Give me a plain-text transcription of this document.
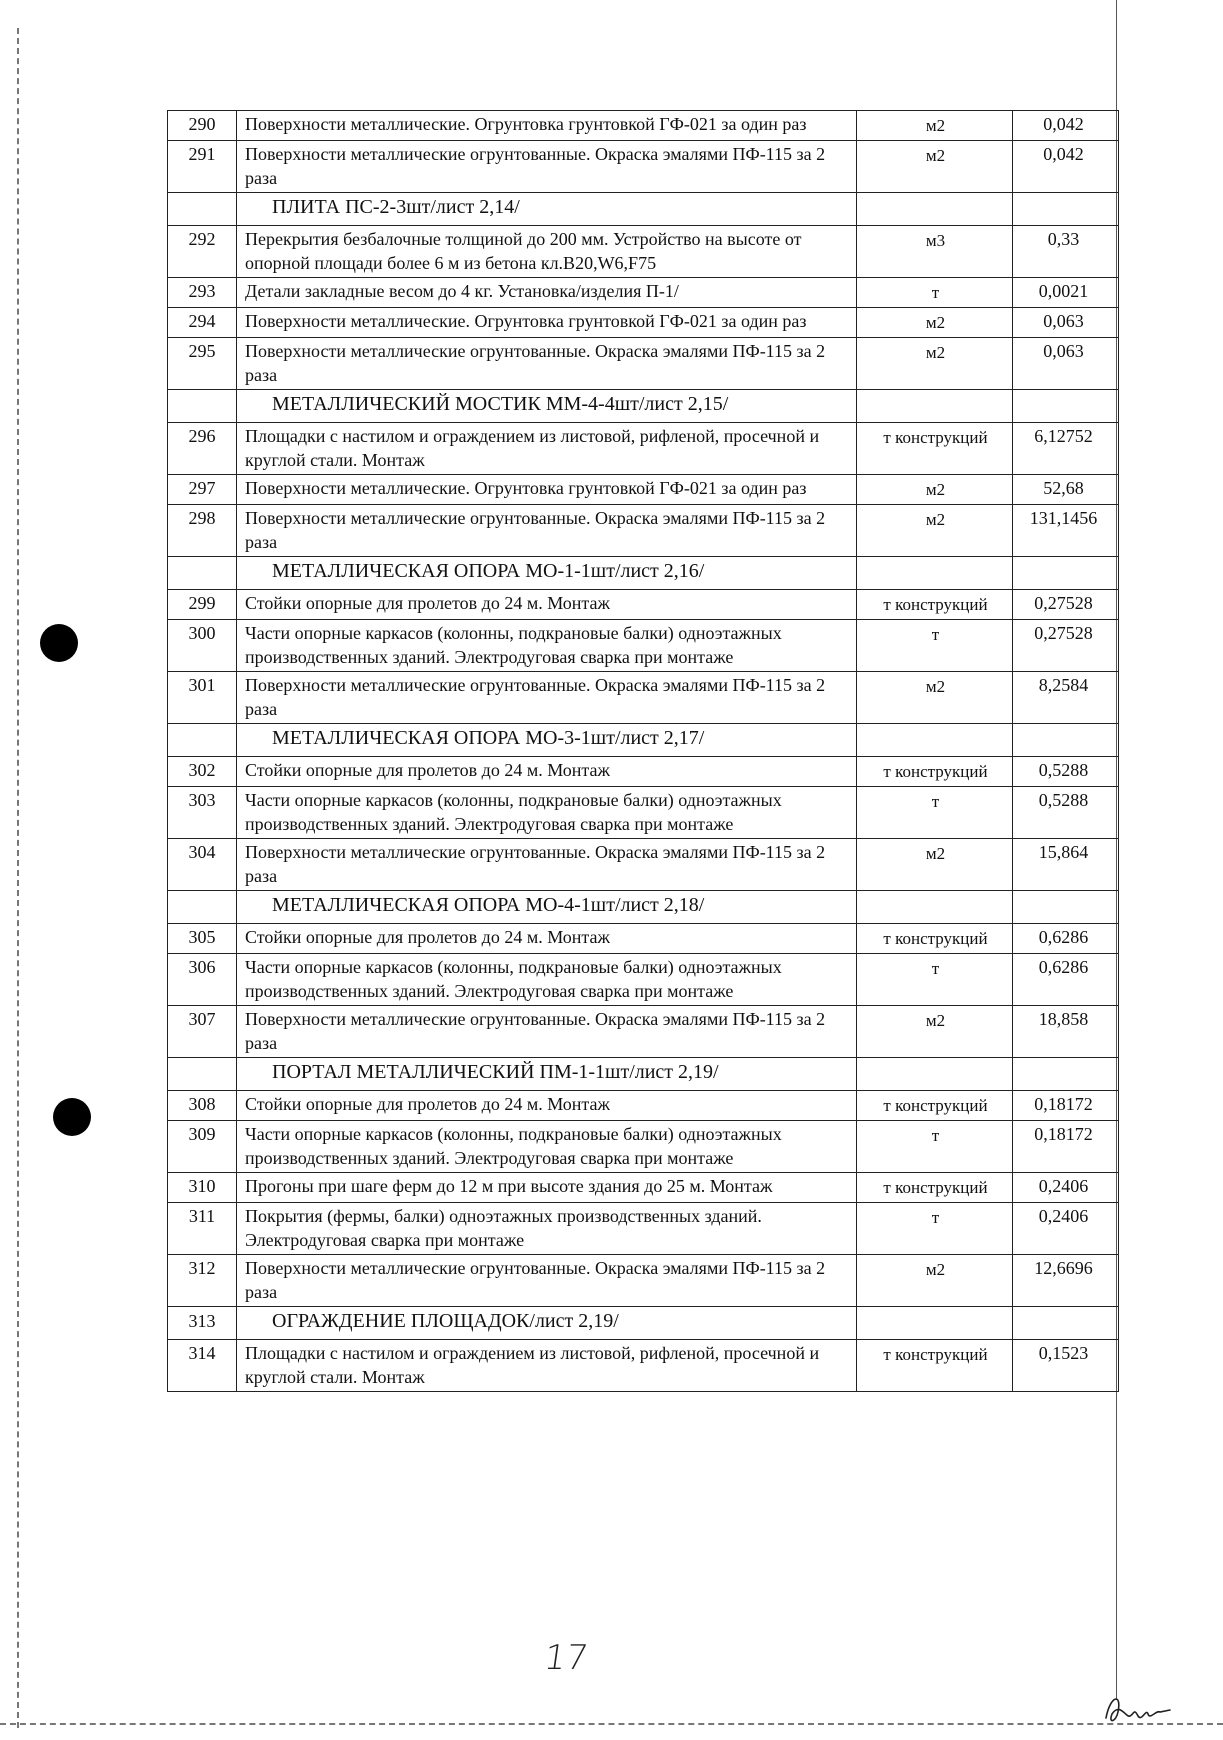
290	Поверхности металлические. Огрунтовка грунтовкой ГФ-021 за один раз	м2	0,042
291	Поверхности металлические огрунтованные. Окраска эмалями ПФ-115 за 2 раза	м2	0,042
	ПЛИТА ПС-2-3шт/лист 2,14/		
292	Перекрытия безбалочные толщиной до 200 мм. Устройство на высоте от опорной площади более 6 м из бетона кл.В20,W6,F75	м3	0,33
293	Детали закладные весом до 4 кг. Установка/изделия П-1/	т	0,0021
294	Поверхности металлические. Огрунтовка грунтовкой ГФ-021 за один раз	м2	0,063
295	Поверхности металлические огрунтованные. Окраска эмалями ПФ-115 за 2 раза	м2	0,063
	МЕТАЛЛИЧЕСКИЙ МОСТИК ММ-4-4шт/лист 2,15/		
296	Площадки с настилом и ограждением из листовой, рифленой, просечной и круглой стали. Монтаж	т конструкций	6,12752
297	Поверхности металлические. Огрунтовка грунтовкой ГФ-021 за один раз	м2	52,68
298	Поверхности металлические огрунтованные. Окраска эмалями ПФ-115 за 2 раза	м2	131,1456
	МЕТАЛЛИЧЕСКАЯ ОПОРА МО-1-1шт/лист 2,16/		
299	Стойки опорные для пролетов до 24 м. Монтаж	т конструкций	0,27528
300	Части опорные каркасов (колонны, подкрановые балки) одноэтажных производственных зданий. Электродуговая сварка при монтаже	т	0,27528
301	Поверхности металлические огрунтованные. Окраска эмалями ПФ-115 за 2 раза	м2	8,2584
	МЕТАЛЛИЧЕСКАЯ ОПОРА МО-3-1шт/лист 2,17/		
302	Стойки опорные для пролетов до 24 м. Монтаж	т конструкций	0,5288
303	Части опорные каркасов (колонны, подкрановые балки) одноэтажных производственных зданий. Электродуговая сварка при монтаже	т	0,5288
304	Поверхности металлические огрунтованные. Окраска эмалями ПФ-115 за 2 раза	м2	15,864
	МЕТАЛЛИЧЕСКАЯ ОПОРА МО-4-1шт/лист 2,18/		
305	Стойки опорные для пролетов до 24 м. Монтаж	т конструкций	0,6286
306	Части опорные каркасов (колонны, подкрановые балки) одноэтажных производственных зданий. Электродуговая сварка при монтаже	т	0,6286
307	Поверхности металлические огрунтованные. Окраска эмалями ПФ-115 за 2 раза	м2	18,858
	ПОРТАЛ МЕТАЛЛИЧЕСКИЙ ПМ-1-1шт/лист 2,19/		
308	Стойки опорные для пролетов до 24 м. Монтаж	т конструкций	0,18172
309	Части опорные каркасов (колонны, подкрановые балки) одноэтажных производственных зданий. Электродуговая сварка при монтаже	т	0,18172
310	Прогоны при шаге ферм до 12 м при высоте здания до 25 м. Монтаж	т конструкций	0,2406
311	Покрытия (фермы, балки) одноэтажных производственных зданий. Электродуговая сварка при монтаже	т	0,2406
312	Поверхности металлические огрунтованные. Окраска эмалями ПФ-115 за 2 раза	м2	12,6696
313	ОГРАЖДЕНИЕ ПЛОЩАДОК/лист 2,19/		
314	Площадки с настилом и ограждением из листовой, рифленой, просечной и круглой стали. Монтаж	т конструкций	0,1523
17
